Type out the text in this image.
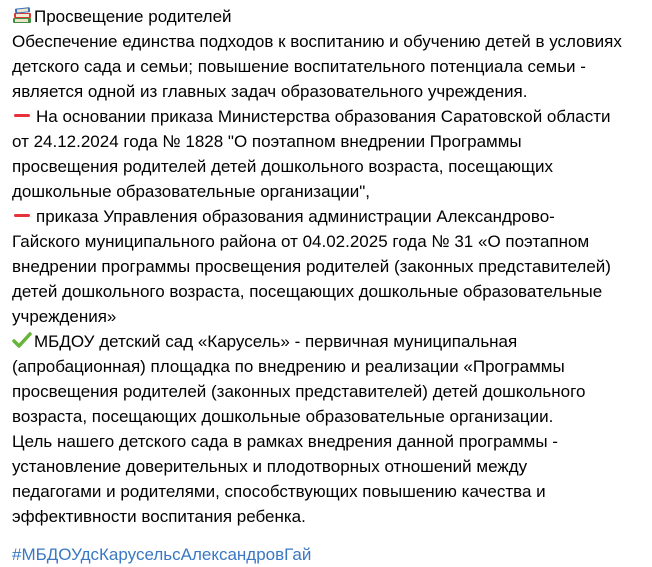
Просвещение родителей
Обеспечение единства подходов к воспитанию и обучению детей в условиях
детского сада и семьи; повышение воспитательного потенциала семьи -
является одной из главных задач образовательного учреждения.
На основании приказа Министерства образования Саратовской области
от 24.12.2024 года № 1828 "О поэтапном внедрении Программы
просвещения родителей детей дошкольного возраста, посещающих
дошкольные образовательные организации",
приказа Управления образования администрации Александрово-
Гайского муниципального района от 04.02.2025 года № 31 «О поэтапном
внедрении программы просвещения родителей (законных представителей)
детей дошкольного возраста, посещающих дошкольные образовательные
учреждения»
МБДОУ детский сад «Карусель» - первичная муниципальная
(апробационная) площадка по внедрению и реализации «Программы
просвещения родителей (законных представителей) детей дошкольного
возраста, посещающих дошкольные образовательные организации.
Цель нашего детского сада в рамках внедрения данной программы -
установление доверительных и плодотворных отношений между
педагогами и родителями, способствующих повышению качества и
эффективности воспитания ребенка.
#МБДОУдсКарусельсАлександровГай
